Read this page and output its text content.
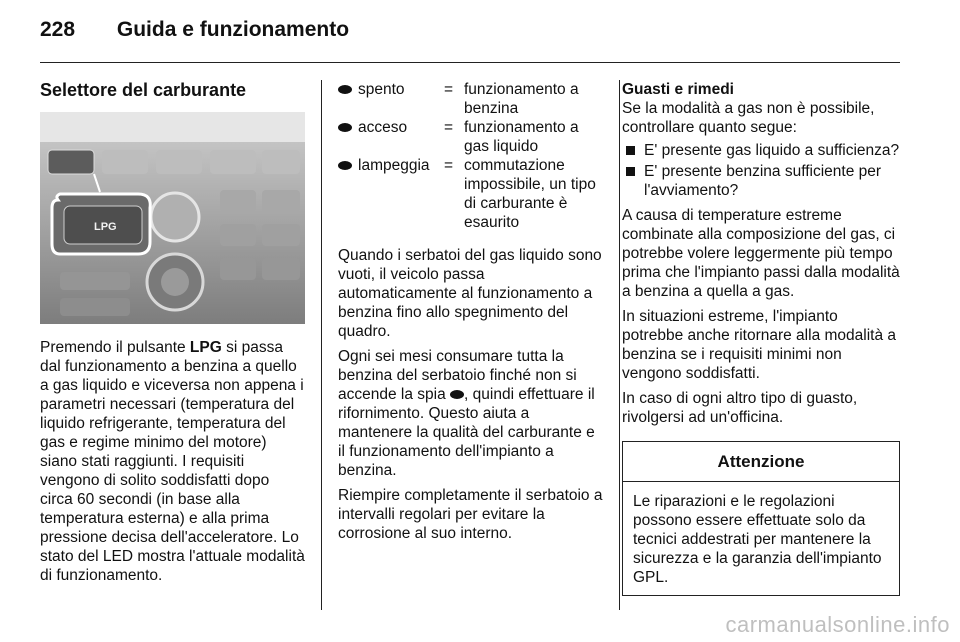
228 Guida e funzionamento
Selettore del carburante
LPG

Premendo il pulsante LPG si passa dal funzionamento a benzina a quello a gas liquido e viceversa non appena i parametri necessari (temperatura del liquido refrigerante, temperatura del gas e regime minimo del motore) siano stati raggiunti. I requisiti vengono di solito soddisfatti dopo circa 60 secondi (in base alla temperatura esterna) e alla prima pressione decisa dell'acceleratore. Lo stato del LED mostra l'attuale modalità di funzionamento.

spento	= funzionamento a benzina
acceso = funzionamento a gas liquido
lampeggia = commutazione impossibile, un tipo di carburante è esaurito

Quando i serbatoi del gas liquido sono vuoti, il veicolo passa automaticamente al funzionamento a benzina fino allo spegnimento del quadro.

Ogni sei mesi consumare tutta la benzina del serbatoio finché non si accende la spia , quindi effettuare il rifornimento. Questo aiuta a mantenere la qualità del carburante e il funzionamento dell'impianto a benzina.

Riempire completamente il serbatoio a intervalli regolari per evitare la corrosione al suo interno.

Guasti e rimedi

Se la modalità a gas non è possibile, controllare quanto segue:

E' presente gas liquido a sufficienza?
E' presente benzina sufficiente per l'avviamento?

A causa di temperature estreme combinate alla composizione del gas, ci potrebbe volere leggermente più tempo prima che l'impianto passi dalla modalità a benzina a quella a gas.

In situazioni estreme, l'impianto potrebbe anche ritornare alla modalità a benzina se i requisiti minimi non vengono soddisfatti.

In caso di ogni altro tipo di guasto, rivolgersi ad un'officina.

Attenzione
Le riparazioni e le regolazioni possono essere effettuate solo da tecnici addestrati per mantenere la sicurezza e la garanzia dell'impianto GPL.
carmanualsonline.info
